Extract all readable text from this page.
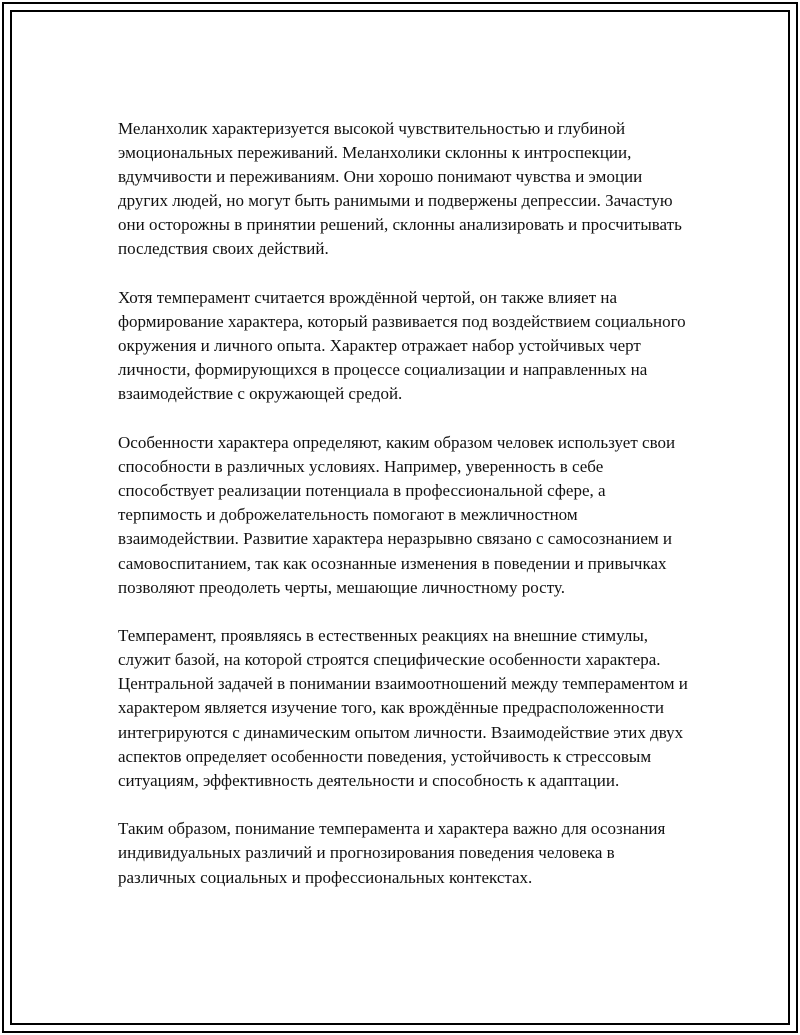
Меланхолик характеризуется высокой чувствительностью и глубиной эмоциональных переживаний. Меланхолики склонны к интроспекции, вдумчивости и переживаниям. Они хорошо понимают чувства и эмоции других людей, но могут быть ранимыми и подвержены депрессии. Зачастую они осторожны в принятии решений, склонны анализировать и просчитывать последствия своих действий.

Хотя темперамент считается врождённой чертой, он также влияет на формирование характера, который развивается под воздействием социального окружения и личного опыта. Характер отражает набор устойчивых черт личности, формирующихся в процессе социализации и направленных на взаимодействие с окружающей средой.

Особенности характера определяют, каким образом человек использует свои способности в различных условиях. Например, уверенность в себе способствует реализации потенциала в профессиональной сфере, а терпимость и доброжелательность помогают в межличностном взаимодействии. Развитие характера неразрывно связано с самосознанием и самовоспитанием, так как осознанные изменения в поведении и привычках позволяют преодолеть черты, мешающие личностному росту.

Темперамент, проявляясь в естественных реакциях на внешние стимулы, служит базой, на которой строятся специфические особенности характера. Центральной задачей в понимании взаимоотношений между темпераментом и характером является изучение того, как врождённые предрасположенности интегрируются с динамическим опытом личности. Взаимодействие этих двух аспектов определяет особенности поведения, устойчивость к стрессовым ситуациям, эффективность деятельности и способность к адаптации.

Таким образом, понимание темперамента и характера важно для осознания индивидуальных различий и прогнозирования поведения человека в различных социальных и профессиональных контекстах.
